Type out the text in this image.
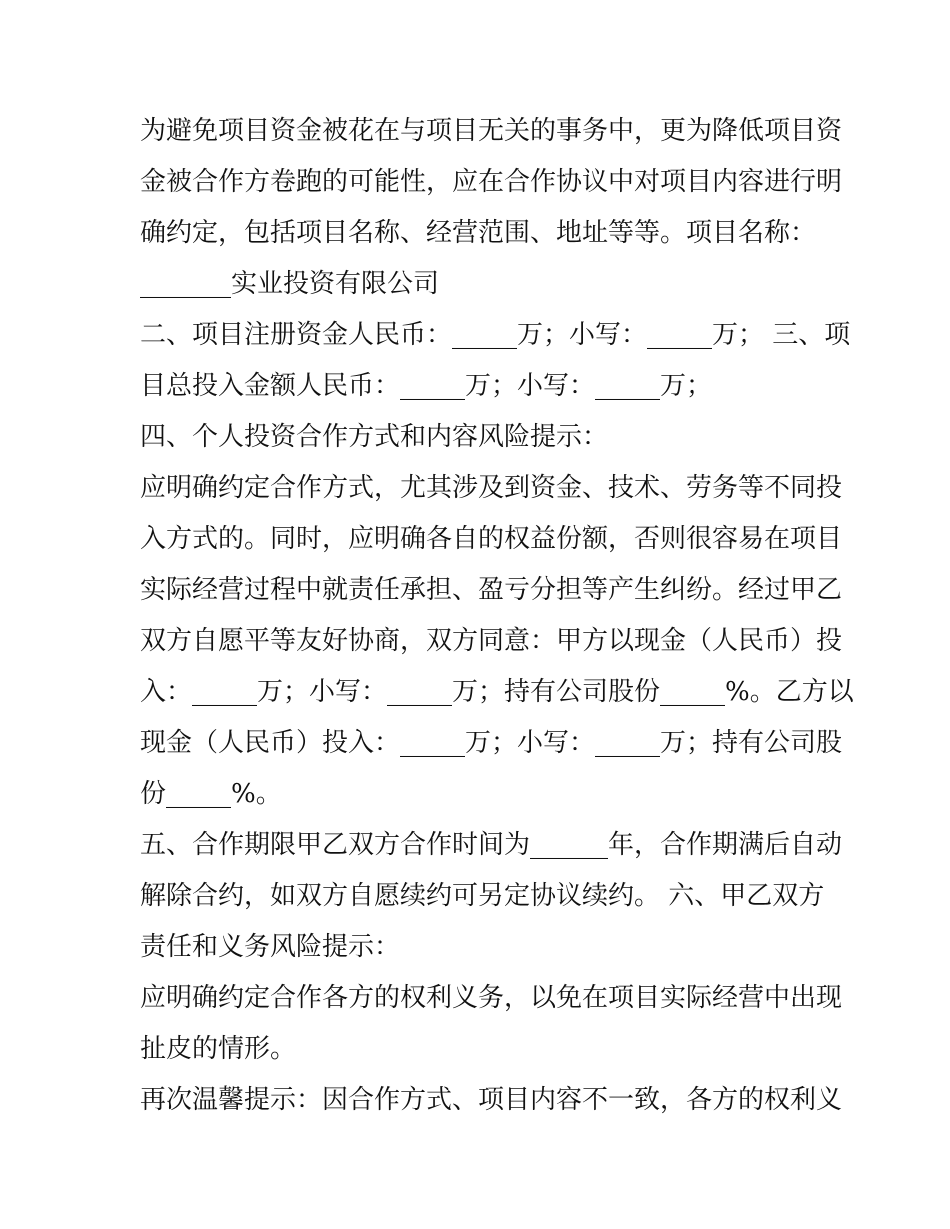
为避免项目资金被花在与项目无关的事务中，更为降低项目资
金被合作方卷跑的可能性，应在合作协议中对项目内容进行明
确约定，包括项目名称、经营范围、地址等等。项目名称：
_______实业投资有限公司
二、项目注册资金人民币：_____万；小写：_____万； 三、项
目总投入金额人民币：_____万；小写：_____万；
四、个人投资合作方式和内容风险提示：
应明确约定合作方式，尤其涉及到资金、技术、劳务等不同投
入方式的。同时，应明确各自的权益份额，否则很容易在项目
实际经营过程中就责任承担、盈亏分担等产生纠纷。经过甲乙
双方自愿平等友好协商，双方同意：甲方以现金（人民币）投
入：_____万；小写：_____万；持有公司股份_____%。乙方以
现金（人民币）投入：_____万；小写：_____万；持有公司股
份_____%。
五、合作期限甲乙双方合作时间为______年，合作期满后自动
解除合约，如双方自愿续约可另定协议续约。 六、甲乙双方
责任和义务风险提示：
应明确约定合作各方的权利义务，以免在项目实际经营中出现
扯皮的情形。
再次温馨提示：因合作方式、项目内容不一致，各方的权利义
